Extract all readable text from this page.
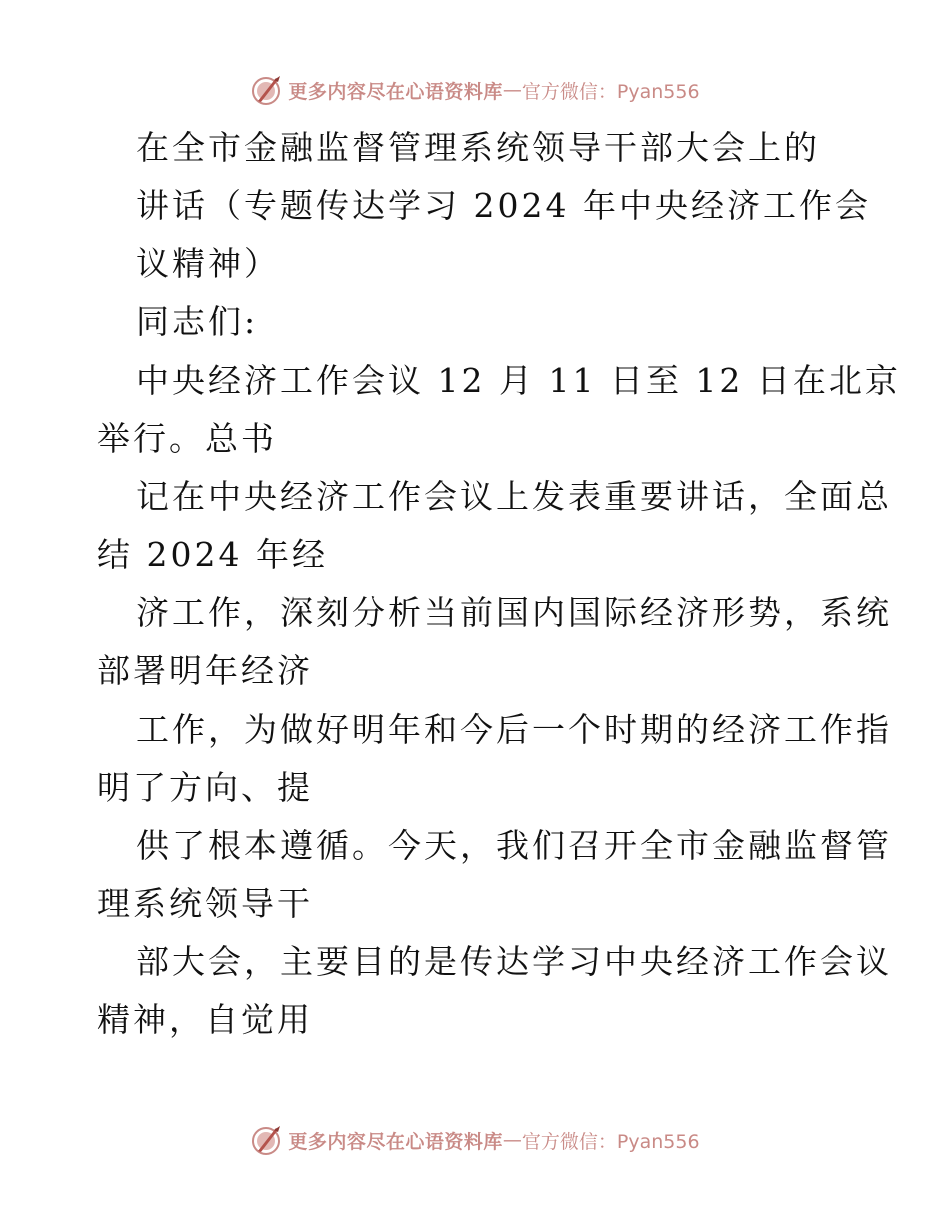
更多内容尽在心语资料库 — 官方微信：Pyan556
在全市金融监督管理系统领导干部大会上的
讲话（专题传达学习 2024 年中央经济工作会
议精神）
同志们:
中央经济工作会议 12 月 11 日至 12 日在北京
举行。总书
记在中央经济工作会议上发表重要讲话，全面总
结 2024 年经
济工作，深刻分析当前国内国际经济形势，系统
部署明年经济
工作，为做好明年和今后一个时期的经济工作指
明了方向、提
供了根本遵循。今天，我们召开全市金融监督管
理系统领导干
部大会，主要目的是传达学习中央经济工作会议
精神，自觉用
更多内容尽在心语资料库 — 官方微信：Pyan556
